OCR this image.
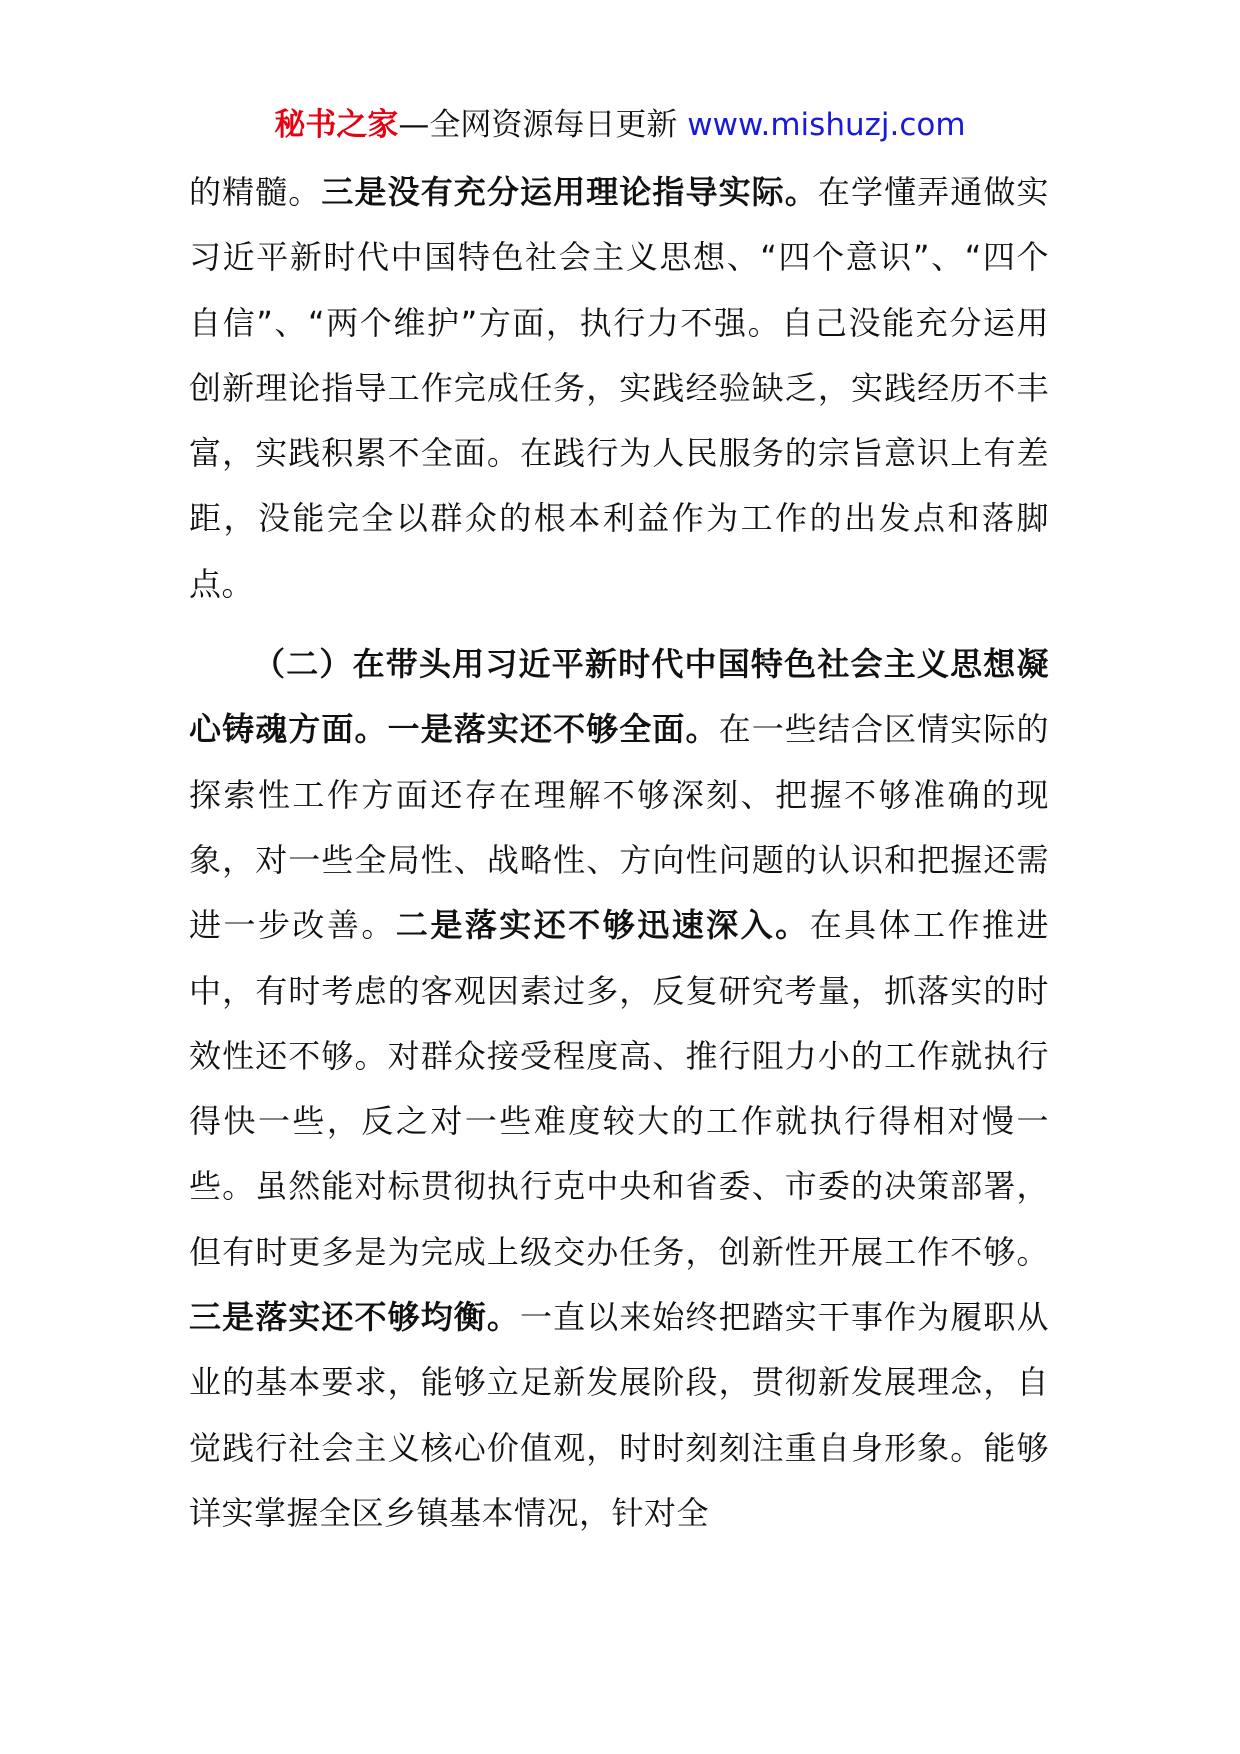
秘书之家—全网资源每日更新 www.mishuzj.com

的精髓。三是没有充分运用理论指导实际。在学懂弄通做实习近平新时代中国特色社会主义思想、“四个意识”、“四个自信”、“两个维护”方面，执行力不强。自己没能充分运用创新理论指导工作完成任务，实践经验缺乏，实践经历不丰富，实践积累不全面。在践行为人民服务的宗旨意识上有差距，没能完全以群众的根本利益作为工作的出发点和落脚点。

（二）在带头用习近平新时代中国特色社会主义思想凝心铸魂方面。一是落实还不够全面。在一些结合区情实际的探索性工作方面还存在理解不够深刻、把握不够准确的现象，对一些全局性、战略性、方向性问题的认识和把握还需进一步改善。二是落实还不够迅速深入。在具体工作推进中，有时考虑的客观因素过多，反复研究考量，抓落实的时效性还不够。对群众接受程度高、推行阻力小的工作就执行得快一些，反之对一些难度较大的工作就执行得相对慢一些。虽然能对标贯彻执行克中央和省委、市委的决策部署，但有时更多是为完成上级交办任务，创新性开展工作不够。三是落实还不够均衡。一直以来始终把踏实干事作为履职从业的基本要求，能够立足新发展阶段，贯彻新发展理念，自觉践行社会主义核心价值观，时时刻刻注重自身形象。能够详实掌握全区乡镇基本情况，针对全
